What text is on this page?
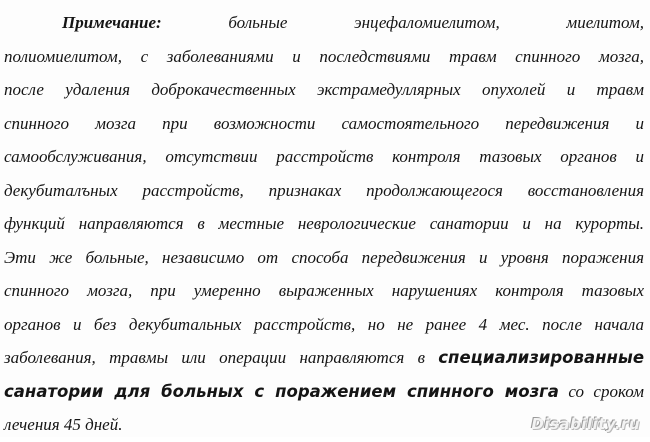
Примечание:	больные энцефаломиелитом, миелитом,
полиомиелитом, с заболеваниями и последствиями травм спинного мозга,
после удаления доброкачественных экстрамедуллярных опухолей и травм
спинного мозга при возможности самостоятельного передвижения и
самообслуживания, отсутствии расстройств контроля тазовых органов и
декубиталъных расстройств, признаках продолжающегося восстановления
функций направляются в местные неврологические санатории и на курорты.
Эти же больные, независимо от способа передвижения и уровня поражения
спинного мозга, при умеренно выраженных нарушениях контроля тазовых
органов и без декубитальных расстройств, но не ранее 4 мес. после начала
заболевания, травмы или операции направляются в специализированные
санатории для больных с поражением спинного мозга со сроком
лечения 45 дней.	Disability.ru
